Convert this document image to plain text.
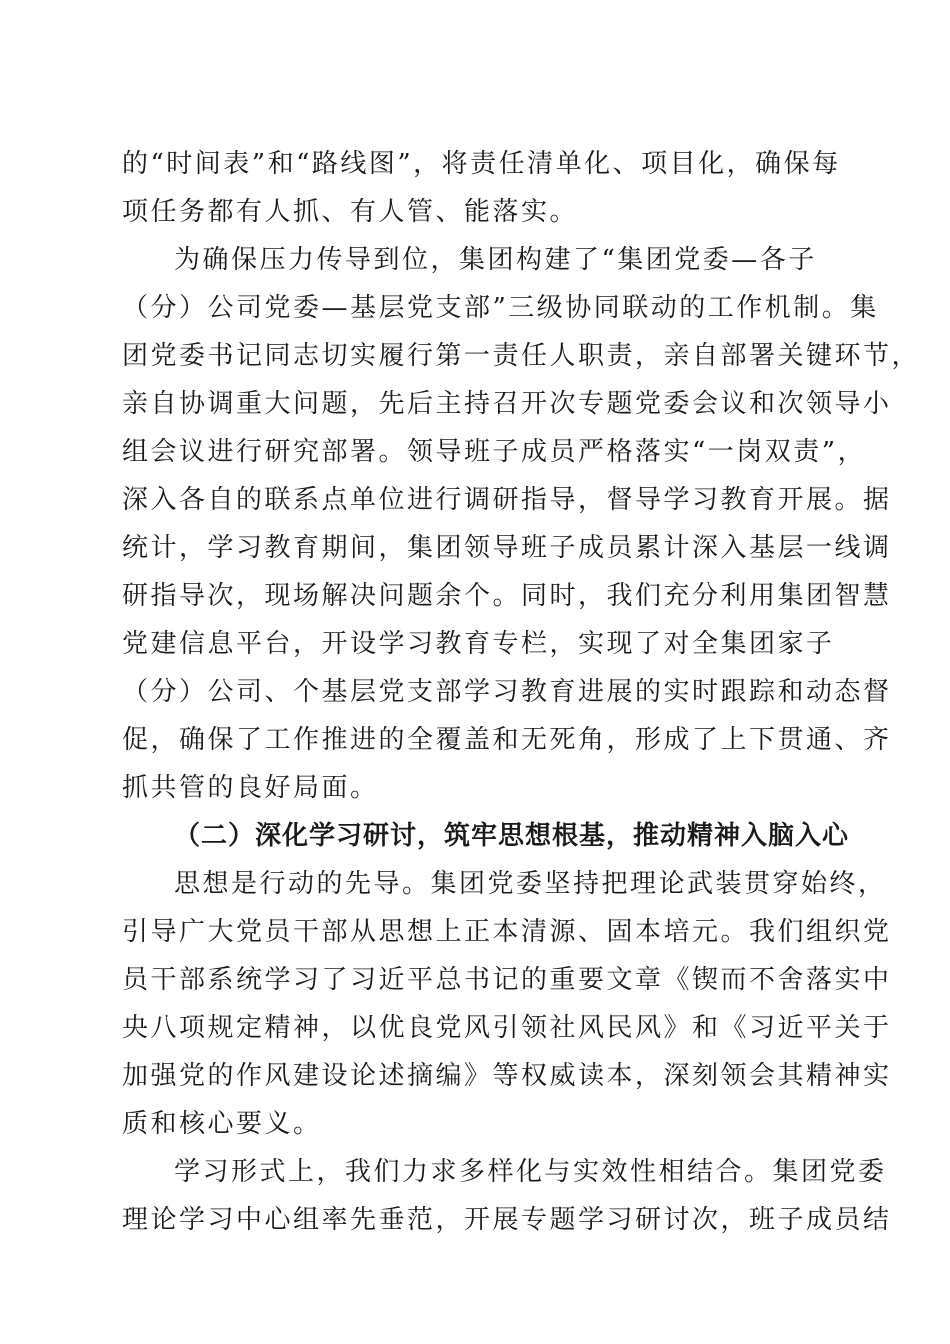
的“时间表”和“路线图”，将责任清单化、项目化，确保每
项任务都有人抓、有人管、能落实。

为确保压力传导到位，集团构建了“集团党委—各子
（分）公司党委—基层党支部”三级协同联动的工作机制。集
团党委书记同志切实履行第一责任人职责，亲自部署关键环节，
亲自协调重大问题，先后主持召开次专题党委会议和次领导小
组会议进行研究部署。领导班子成员严格落实“一岗双责”，
深入各自的联系点单位进行调研指导，督导学习教育开展。据
统计，学习教育期间，集团领导班子成员累计深入基层一线调
研指导次，现场解决问题余个。同时，我们充分利用集团智慧
党建信息平台，开设学习教育专栏，实现了对全集团家子
（分）公司、个基层党支部学习教育进展的实时跟踪和动态督
促，确保了工作推进的全覆盖和无死角，形成了上下贯通、齐
抓共管的良好局面。

（二）深化学习研讨，筑牢思想根基，推动精神入脑入心

思想是行动的先导。集团党委坚持把理论武装贯穿始终，
引导广大党员干部从思想上正本清源、固本培元。我们组织党
员干部系统学习了习近平总书记的重要文章《锲而不舍落实中
央八项规定精神，以优良党风引领社风民风》和《习近平关于
加强党的作风建设论述摘编》等权威读本，深刻领会其精神实
质和核心要义。

学习形式上，我们力求多样化与实效性相结合。集团党委
理论学习中心组率先垂范，开展专题学习研讨次，班子成员结
